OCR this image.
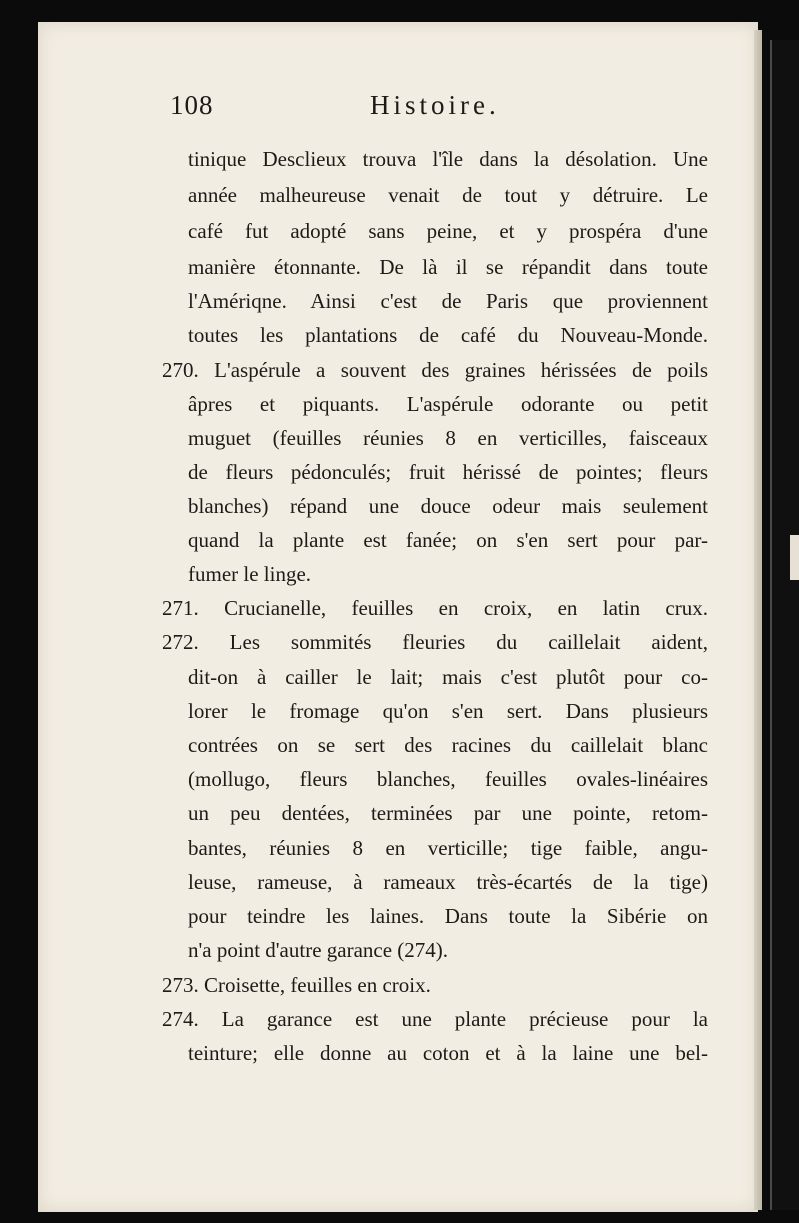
108	Histoire.
tinique Desclieux trouva l'île dans la désolation. Une
année malheureuse venait de tout y détruire. Le
café fut adopté sans peine, et y prospéra d'une
manière étonnante. De là il se répandit dans toute
l'Amériqne. Ainsi c'est de Paris que proviennent
toutes les plantations de café du Nouveau-Monde.
270. L'aspérule a souvent des graines hérissées de poils
âpres et piquants. L'aspérule odorante ou petit
muguet (feuilles réunies 8 en verticilles, faisceaux
de fleurs pédonculés; fruit hérissé de pointes; fleurs
blanches) répand une douce odeur mais seulement
quand la plante est fanée; on s'en sert pour par-
fumer le linge.
271. Crucianelle, feuilles en croix, en latin crux.
272. Les sommités fleuries du caillelait aident,
dit-on à cailler le lait; mais c'est plutôt pour co-
lorer le fromage qu'on s'en sert. Dans plusieurs
contrées on se sert des racines du caillelait blanc
(mollugo, fleurs blanches, feuilles ovales-linéaires
un peu dentées, terminées par une pointe, retom-
bantes, réunies 8 en verticille; tige faible, angu-
leuse, rameuse, à rameaux très-écartés de la tige)
pour teindre les laines. Dans toute la Sibérie on
n'a point d'autre garance (274).
273. Croisette, feuilles en croix.
274. La garance est une plante précieuse pour la
teinture; elle donne au coton et à la laine une bel-
